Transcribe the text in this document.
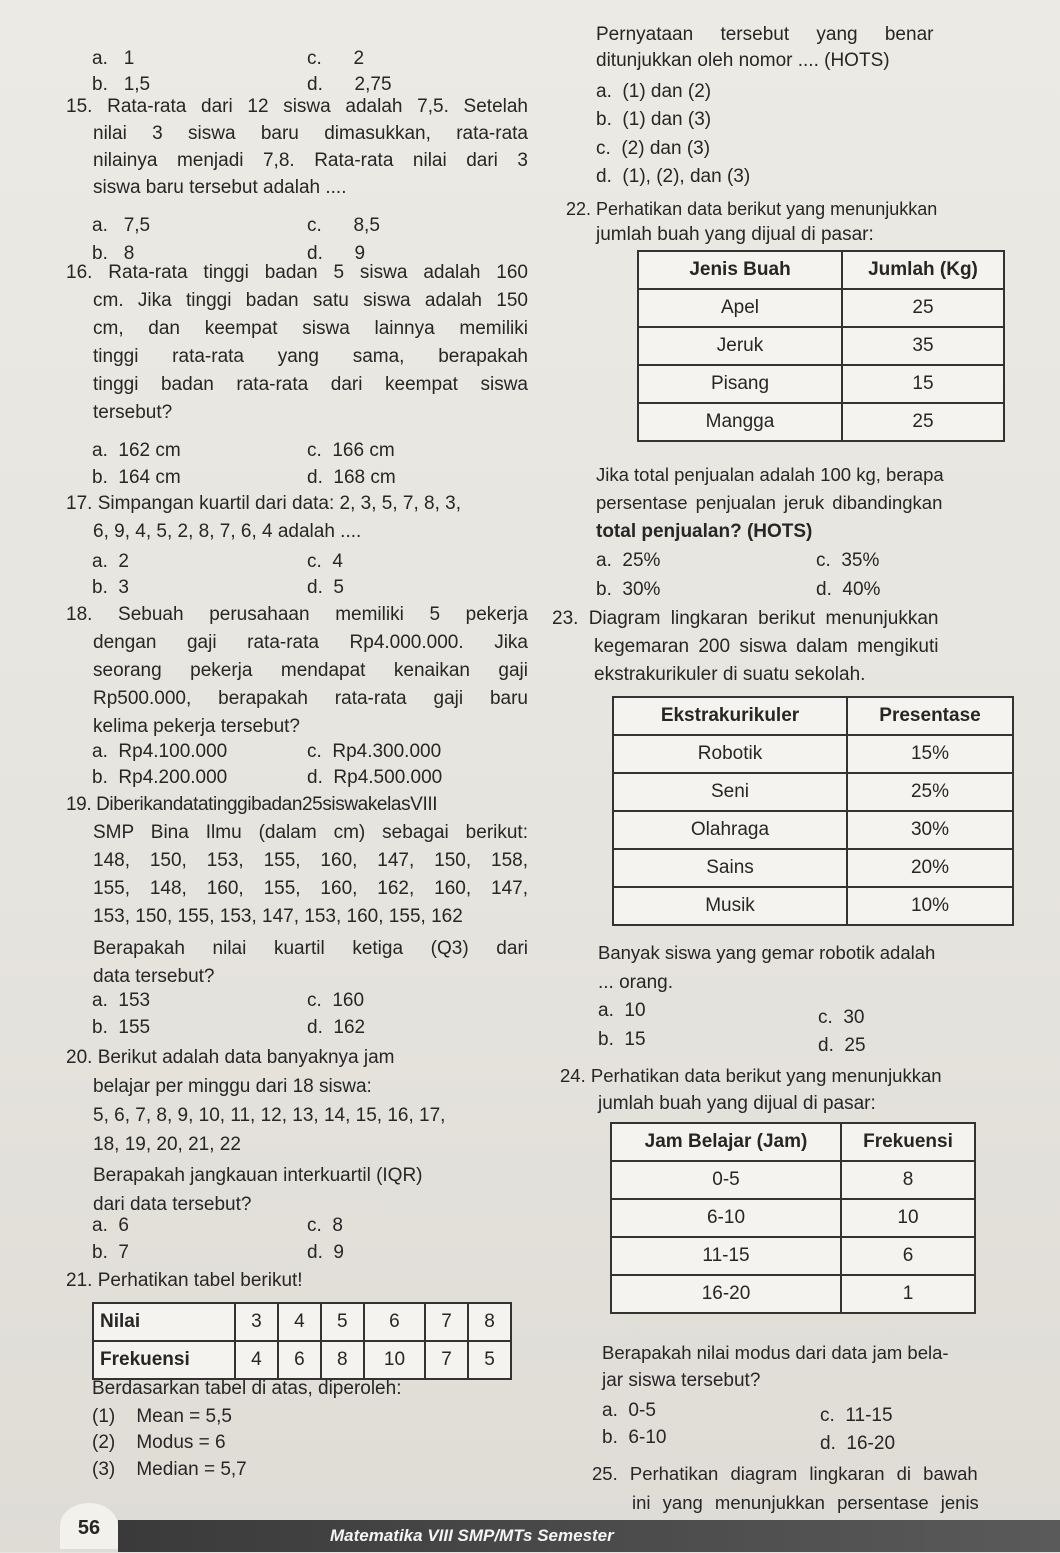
a. 1	c. 2
b. 1,5	d. 2,75
15. Rata-rata dari 12 siswa adalah 7,5. Setelah
nilai 3 siswa baru dimasukkan, rata-rata
nilainya menjadi 7,8. Rata-rata nilai dari 3
siswa baru tersebut adalah ....
a. 7,5	c. 8,5
b. 8	d. 9
16. Rata-rata tinggi badan 5 siswa adalah 160
cm. Jika tinggi badan satu siswa adalah 150
cm, dan keempat siswa lainnya memiliki
tinggi rata-rata yang sama, berapakah
tinggi badan rata-rata dari keempat siswa
tersebut?
a. 162 cm	c. 166 cm
b. 164 cm	d. 168 cm
17. Simpangan kuartil dari data: 2, 3, 5, 7, 8, 3,
6, 9, 4, 5, 2, 8, 7, 6, 4 adalah ....
a. 2	c. 4
b. 3	d. 5
18. Sebuah perusahaan memiliki 5 pekerja
dengan gaji rata-rata Rp4.000.000. Jika
seorang pekerja mendapat kenaikan gaji
Rp500.000, berapakah rata-rata gaji baru
kelima pekerja tersebut?
a. Rp4.100.000	c. Rp4.300.000
b. Rp4.200.000	d. Rp4.500.000
19. Diberikandatatinggibadan25siswakelasVIII
SMP Bina Ilmu (dalam cm) sebagai berikut:
148, 150, 153, 155, 160, 147, 150, 158,
155, 148, 160, 155, 160, 162, 160, 147,
153, 150, 155, 153, 147, 153, 160, 155, 162
Berapakah nilai kuartil ketiga (Q3) dari
data tersebut?
a. 153	c. 160
b. 155	d. 162
20. Berikut adalah data banyaknya jam
belajar per minggu dari 18 siswa:
5, 6, 7, 8, 9, 10, 11, 12, 13, 14, 15, 16, 17,
18, 19, 20, 21, 22
Berapakah jangkauan interkuartil (IQR)
dari data tersebut?
a. 6	c. 8
b. 7	d. 9
21. Perhatikan tabel berikut!
Nilai	3	4	5	6	7	8
Frekuensi	4	6	8	10	7	5
Berdasarkan tabel di atas, diperoleh:
(1) Mean = 5,5
(2) Modus = 6
(3) Median = 5,7
Pernyataan tersebut yang benar
ditunjukkan oleh nomor .... (HOTS)
a. (1) dan (2)
b. (1) dan (3)
c. (2) dan (3)
d. (1), (2), dan (3)
22. Perhatikan data berikut yang menunjukkan
jumlah buah yang dijual di pasar:
Jenis Buah	Jumlah (Kg)
Apel	25
Jeruk	35
Pisang	15
Mangga	25
Jika total penjualan adalah 100 kg, berapa
persentase penjualan jeruk dibandingkan
total penjualan? (HOTS)
a. 25%	c. 35%
b. 30%	d. 40%
23. Diagram lingkaran berikut menunjukkan
kegemaran 200 siswa dalam mengikuti
ekstrakurikuler di suatu sekolah.
Ekstrakurikuler	Presentase
Robotik	15%
Seni	25%
Olahraga	30%
Sains	20%
Musik	10%
Banyak siswa yang gemar robotik adalah
... orang.
a. 10	c. 30
b. 15	d. 25
24. Perhatikan data berikut yang menunjukkan
jumlah buah yang dijual di pasar:
Jam Belajar (Jam)	Frekuensi
0-5	8
6-10	10
11-15	6
16-20	1
Berapakah nilai modus dari data jam bela-
jar siswa tersebut?
a. 0-5	c. 11-15
b. 6-10	d. 16-20
25. Perhatikan diagram lingkaran di bawah
ini yang menunjukkan persentase jenis
56	Matematika VIII SMP/MTs Semester
